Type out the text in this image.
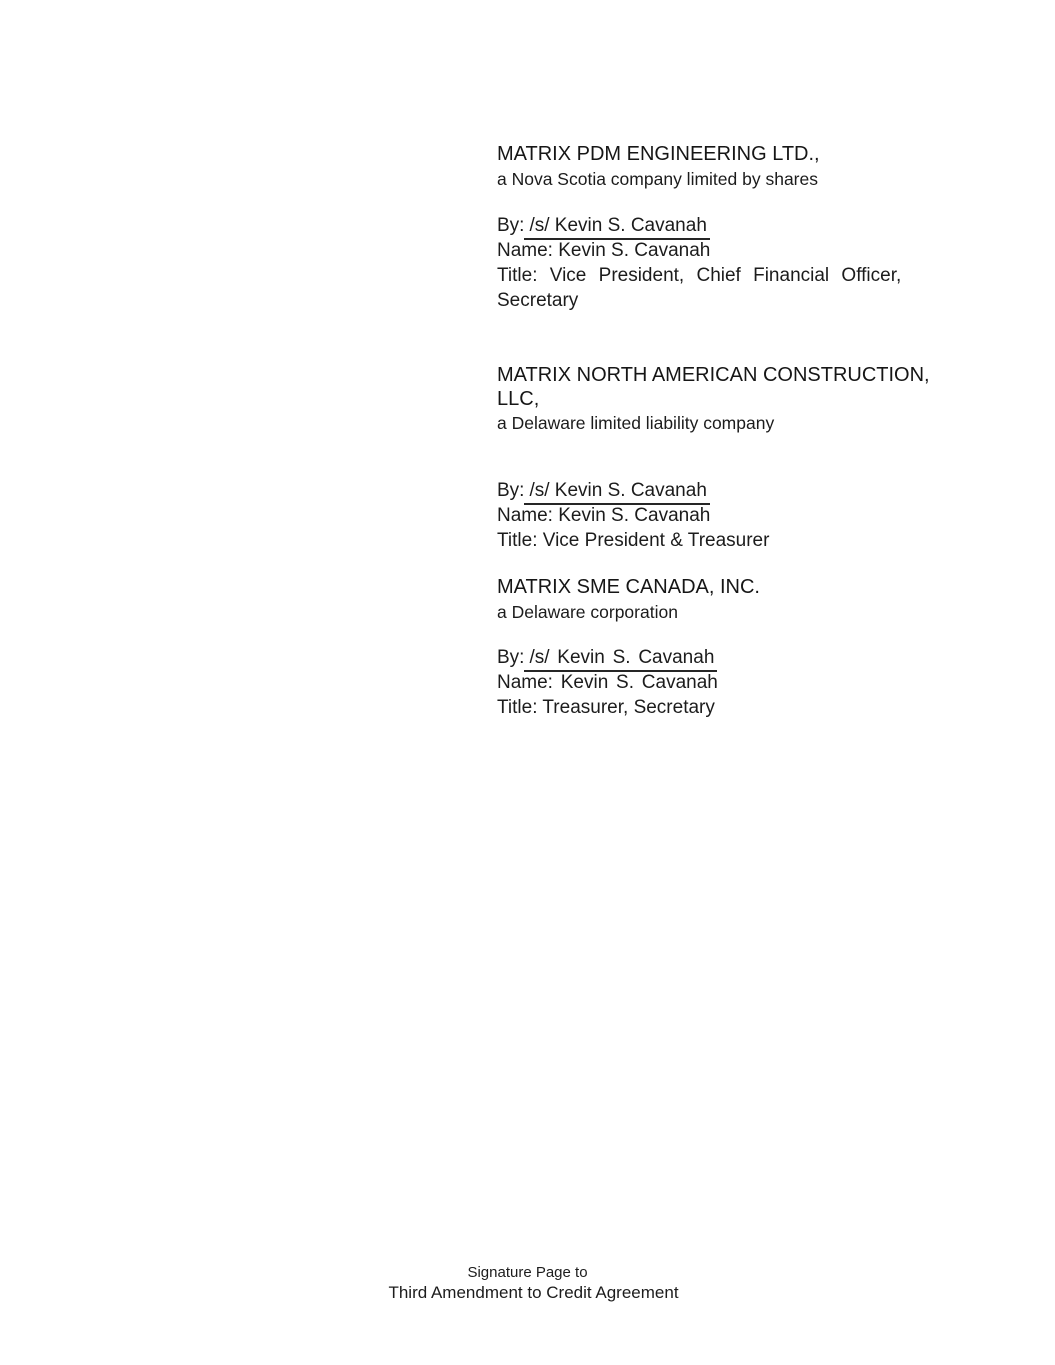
MATRIX PDM ENGINEERING LTD.,
a Nova Scotia company limited by shares
By: /s/ Kevin S. Cavanah
Name: Kevin S. Cavanah
Title: Vice President, Chief Financial Officer,
Secretary
MATRIX NORTH AMERICAN CONSTRUCTION,
LLC,
a Delaware limited liability company
By: /s/ Kevin S. Cavanah
Name: Kevin S. Cavanah
Title: Vice President & Treasurer
MATRIX SME CANADA, INC.
a Delaware corporation
By: /s/ Kevin S. Cavanah
Name: Kevin S. Cavanah
Title: Treasurer, Secretary
Signature Page to
Third Amendment to Credit Agreement
